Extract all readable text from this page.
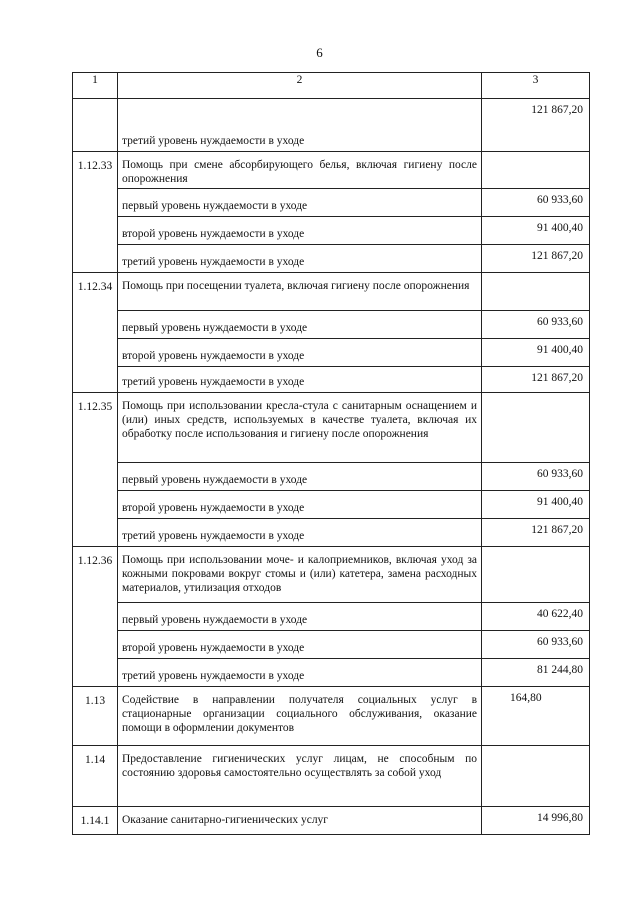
6
1	2	3
	третий уровень нуждаемости в уходе	121 867,20
1.12.33	Помощь при смене абсорбирующего белья, включая гигиену после опорожнения	
	первый уровень нуждаемости в уходе	60 933,60
	второй уровень нуждаемости в уходе	91 400,40
	третий уровень нуждаемости в уходе	121 867,20
1.12.34	Помощь при посещении туалета, включая гигиену после опорожнения	
	первый уровень нуждаемости в уходе	60 933,60
	второй уровень нуждаемости в уходе	91 400,40
	третий уровень нуждаемости в уходе	121 867,20
1.12.35	Помощь при использовании кресла-стула с санитарным оснащением и (или) иных средств, используемых в качестве туалета, включая их обработку после использования и гигиену после опорожнения	
	первый уровень нуждаемости в уходе	60 933,60
	второй уровень нуждаемости в уходе	91 400,40
	третий уровень нуждаемости в уходе	121 867,20
1.12.36	Помощь при использовании моче- и калоприемников, включая уход за кожными покровами вокруг стомы и (или) катетера, замена расходных материалов, утилизация отходов	
	первый уровень нуждаемости в уходе	40 622,40
	второй уровень нуждаемости в уходе	60 933,60
	третий уровень нуждаемости в уходе	81 244,80
1.13	Содействие в направлении получателя социальных услуг в стационарные организации социального обслуживания, оказание помощи в оформлении документов	164,80
1.14	Предоставление гигиенических услуг лицам, не способным по состоянию здоровья самостоятельно осуществлять за собой уход	
1.14.1	Оказание санитарно-гигиенических услуг	14 996,80
